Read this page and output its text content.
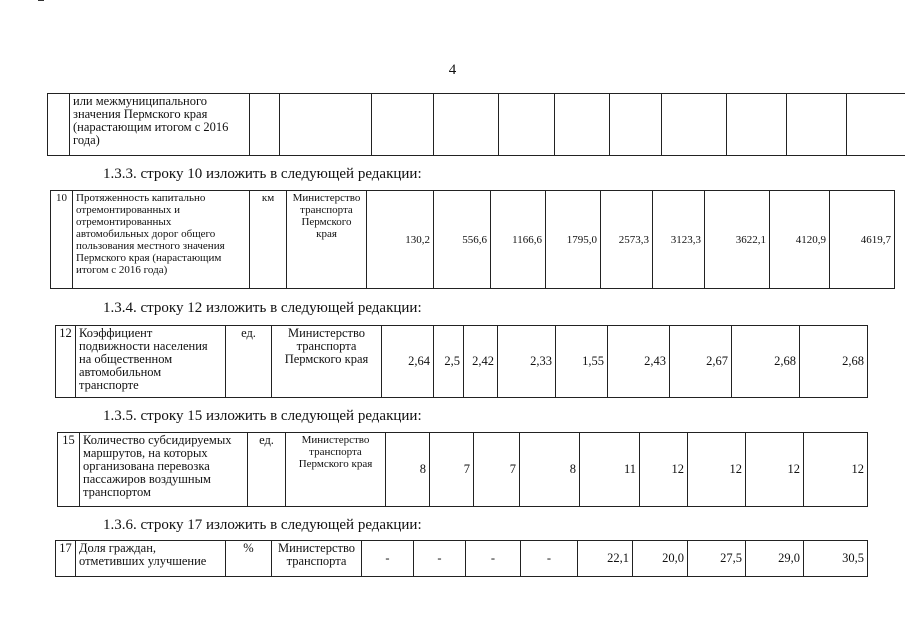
4
	или межмуниципального значения Пермского края (нарастающим итогом с 2016 года)											
1.3.3. строку 10 изложить в следующей редакции:
10	Протяженность капитально отремонтированных и отремонтированных автомобильных дорог общего пользования местного значения Пермского края (нарастающим итогом с 2016 года)	км	Министерство транспорта Пермского края	130,2	556,6	1166,6	1795,0	2573,3	3123,3	3622,1	4120,9	4619,7
1.3.4. строку 12 изложить в следующей редакции:
12	Коэффициент подвижности населения на общественном автомобильном транспорте	ед.	Министерство транспорта Пермского края	2,64	2,5	2,42	2,33	1,55	2,43	2,67	2,68	2,68
1.3.5. строку 15 изложить в следующей редакции:
15	Количество субсидируемых маршрутов, на которых организована перевозка пассажиров воздушным транспортом	ед.	Министерство транспорта Пермского края	8	7	7	8	11	12	12	12	12
1.3.6. строку 17 изложить в следующей редакции:
17	Доля граждан, отметивших улучшение	%	Министерство транспорта	-	-	-	-	22,1	20,0	27,5	29,0	30,5
